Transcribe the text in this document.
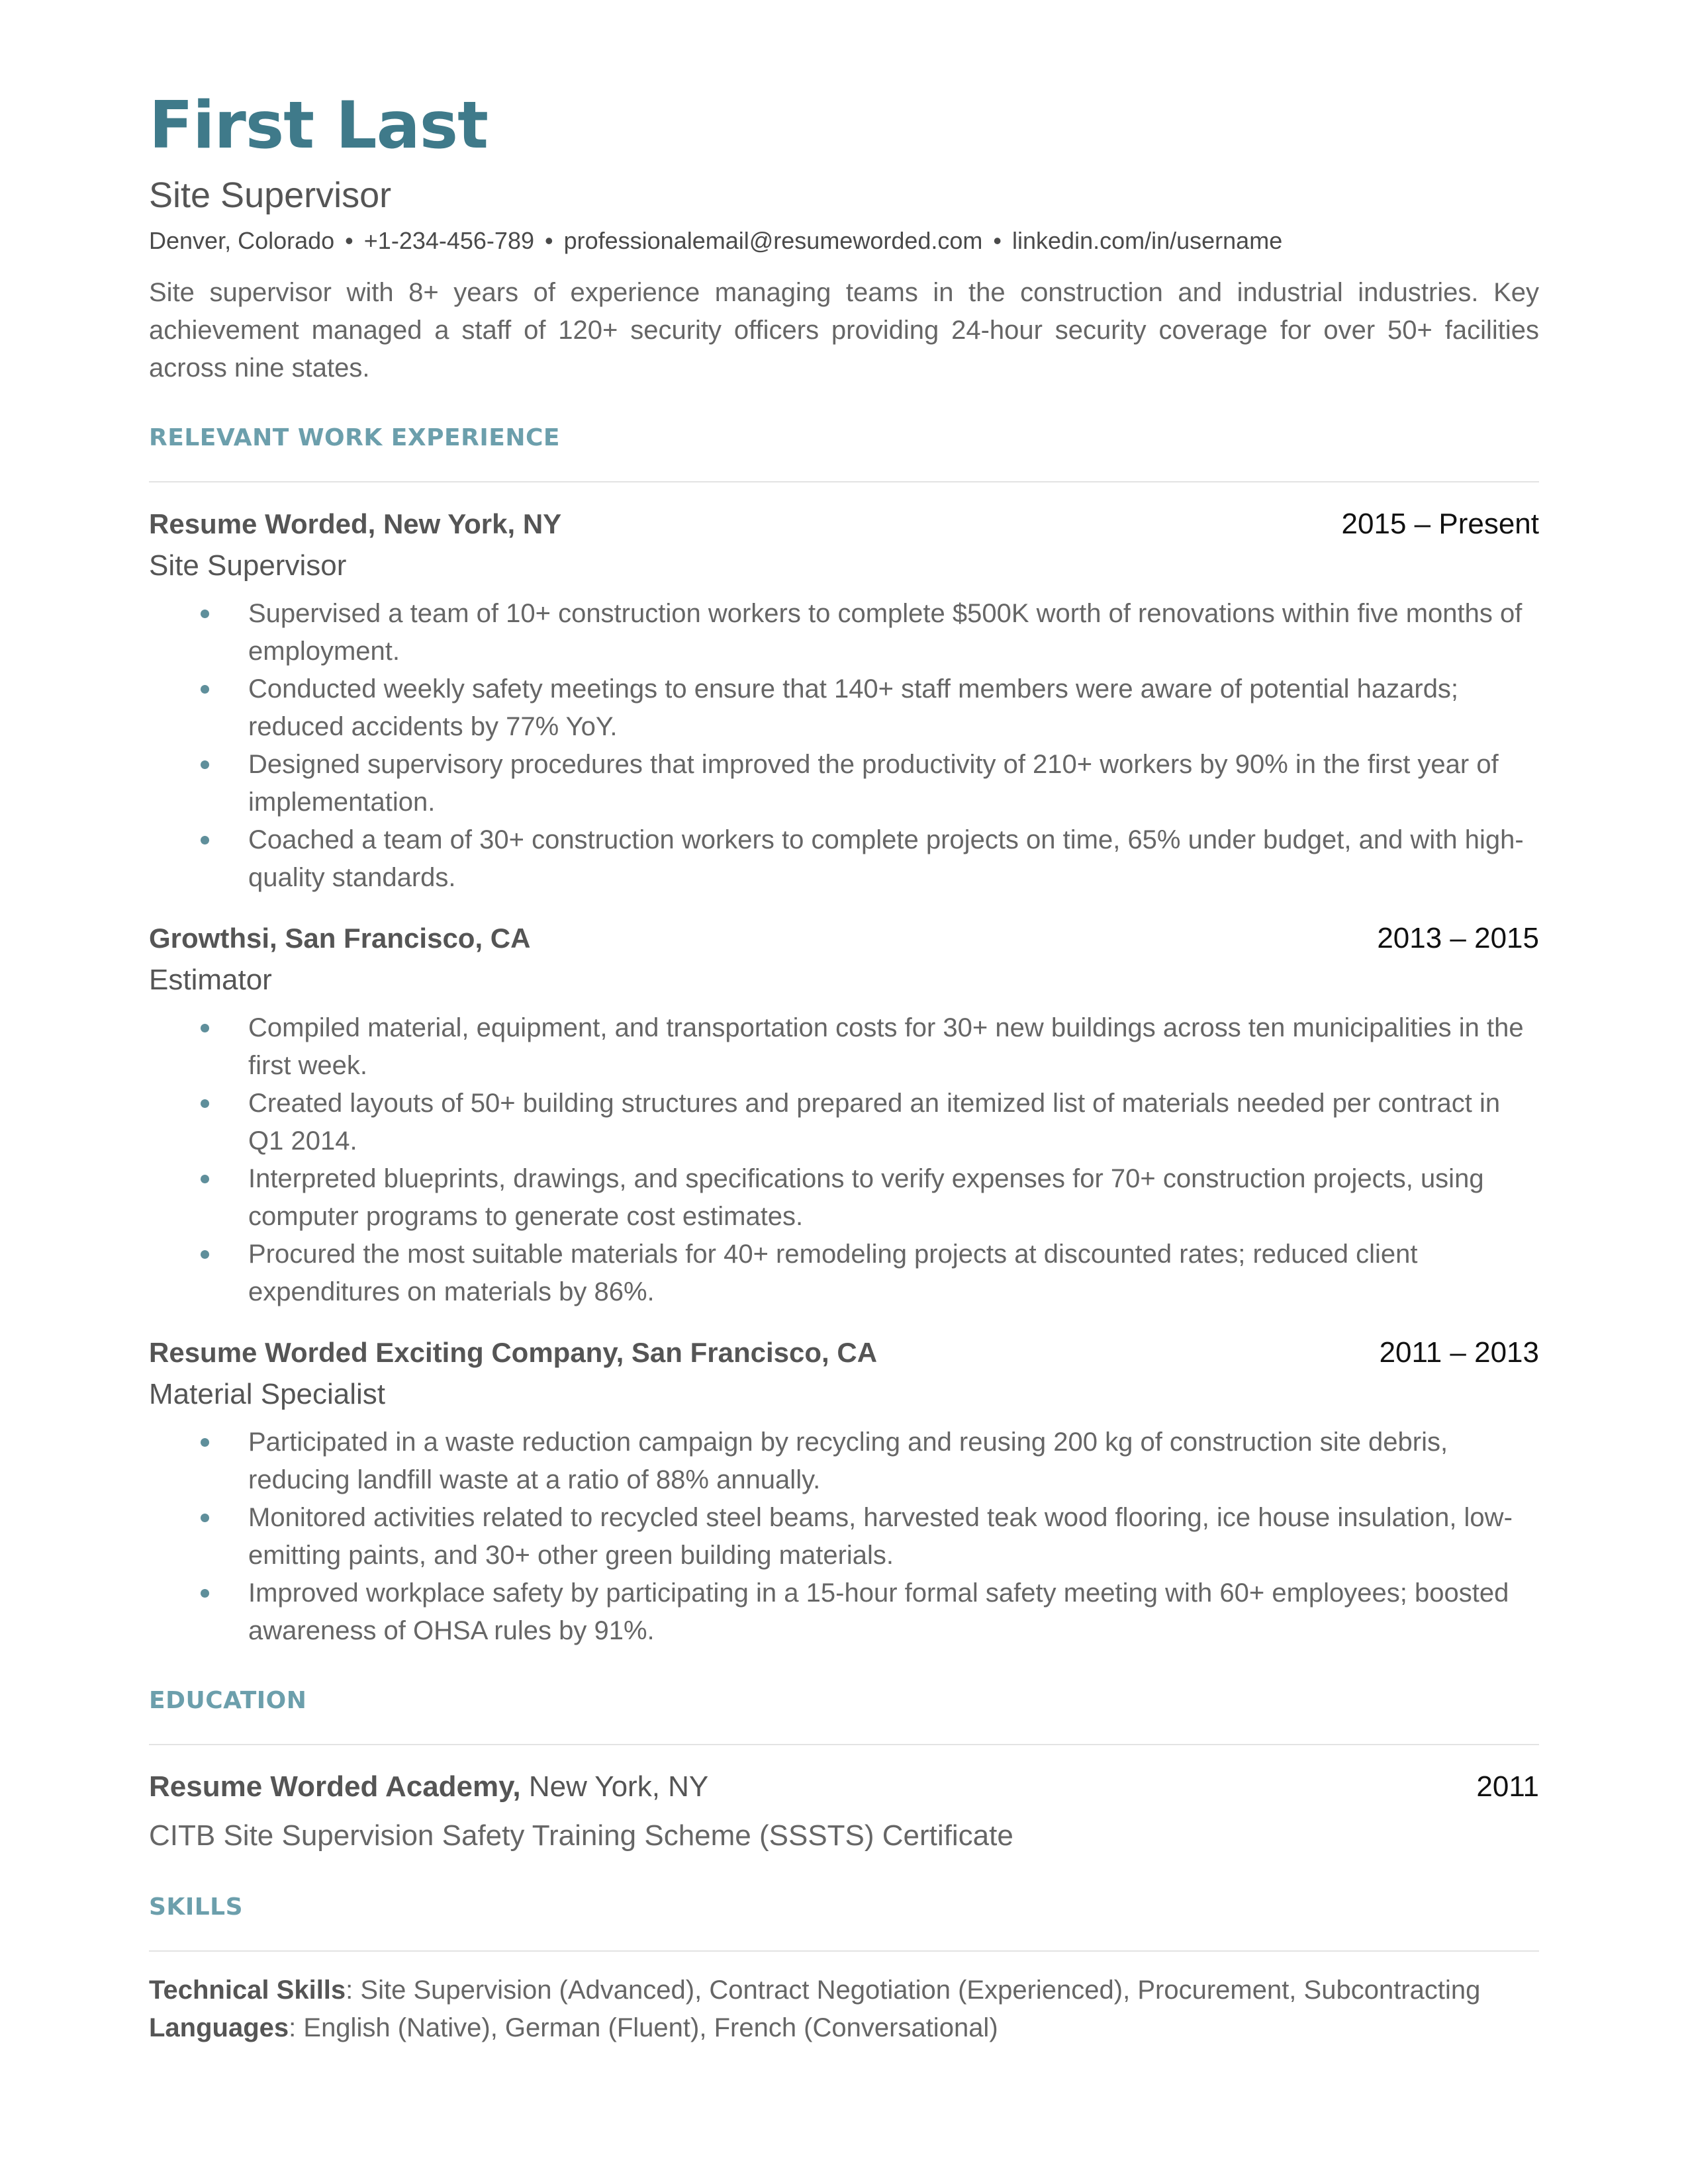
First Last
Site Supervisor
Denver, Colorado • +1-234-456-789 • professionalemail@resumeworded.com • linkedin.com/in/username
Site supervisor with 8+ years of experience managing teams in the construction and industrial industries. Key achievement managed a staff of 120+ security officers providing 24-hour security coverage for over 50+ facilities across nine states.
RELEVANT WORK EXPERIENCE
Resume Worded, New York, NY	2015 – Present
Site Supervisor
Supervised a team of 10+ construction workers to complete $500K worth of renovations within five months of employment.
Conducted weekly safety meetings to ensure that 140+ staff members were aware of potential hazards; reduced accidents by 77% YoY.
Designed supervisory procedures that improved the productivity of 210+ workers by 90% in the first year of implementation.
Coached a team of 30+ construction workers to complete projects on time, 65% under budget, and with high-quality standards.
Growthsi, San Francisco, CA	2013 – 2015
Estimator
Compiled material, equipment, and transportation costs for 30+ new buildings across ten municipalities in the first week.
Created layouts of 50+ building structures and prepared an itemized list of materials needed per contract in Q1 2014.
Interpreted blueprints, drawings, and specifications to verify expenses for 70+ construction projects, using computer programs to generate cost estimates.
Procured the most suitable materials for 40+ remodeling projects at discounted rates; reduced client expenditures on materials by 86%.
Resume Worded Exciting Company, San Francisco, CA	2011 – 2013
Material Specialist
Participated in a waste reduction campaign by recycling and reusing 200 kg of construction site debris, reducing landfill waste at a ratio of 88% annually.
Monitored activities related to recycled steel beams, harvested teak wood flooring, ice house insulation, low-emitting paints, and 30+ other green building materials.
Improved workplace safety by participating in a 15-hour formal safety meeting with 60+ employees; boosted awareness of OHSA rules by 91%.
EDUCATION
Resume Worded Academy, New York, NY	2011
CITB Site Supervision Safety Training Scheme (SSSTS) Certificate
SKILLS
Technical Skills: Site Supervision (Advanced), Contract Negotiation (Experienced), Procurement, Subcontracting
Languages: English (Native), German (Fluent), French (Conversational)
